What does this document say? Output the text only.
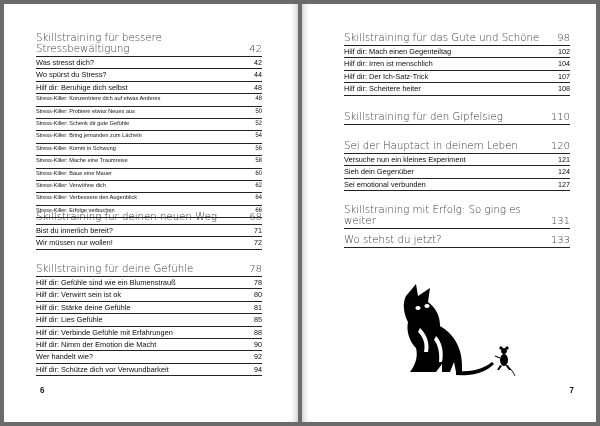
Skillstraining für bessere Stressbewältigung	42
Was stresst dich?	42
Wo spürst du Stress?	44
Hilf dir: Beruhige dich selbst	48
Stress-Killer: Konzentriere dich auf etwas Anderes	48
Stress-Killer: Probiere etwas Neues aus	50
Stress-Killer: Schenk dir gute Gefühle	52
Stress-Killer: Bring jemanden zum Lächeln	54
Stress-Killer: Komm in Schwung	56
Stress-Killer: Mache eine Traumreise	58
Stress-Killer: Baue eine Mauer	60
Stress-Killer: Verwöhne dich	62
Stress-Killer: Verbessere den Augenblick	64
Stress-Killer: Erfolge verbuchen	66
Skillstraining für deinen neuen Weg	68
Bist du innerlich bereit?	71
Wir müssen nur wollen!	72
Skillstraining für deine Gefühle	78
Hilf dir: Gefühle sind wie ein Blumenstrauß	78
Hilf dir: Verwirrt sein ist ok	80
Hilf dir: Stärke deine Gefühle	81
Hilf dir: Lies Gefühle	85
Hilf dir: Verbinde Gefühle mit Erfahrungen	88
Hilf dir: Nimm der Emotion die Macht	90
Wer handelt wie?	92
Hilf dir: Schütze dich vor Verwundbarkeit	94
6
Skillstraining für das Gute und Schöne 98
Hilf dir: Mach einen Gegenteiltag	102
Hilf dir: Irren ist menschlich	104
Hilf dir: Der Ich-Satz-Trick	107
Hilf dir: Scheitere heiter	108
Skillstraining für den Gipfelsieg	110
Sei der Hauptact in deinem Leben	120
Versuche nun ein kleines Experiment	121
Sieh dein Gegenüber	124
Sei emotional verbunden	127
Skillstraining mit Erfolg: So ging es weiter	131
Wo stehst du jetzt?	133
7
